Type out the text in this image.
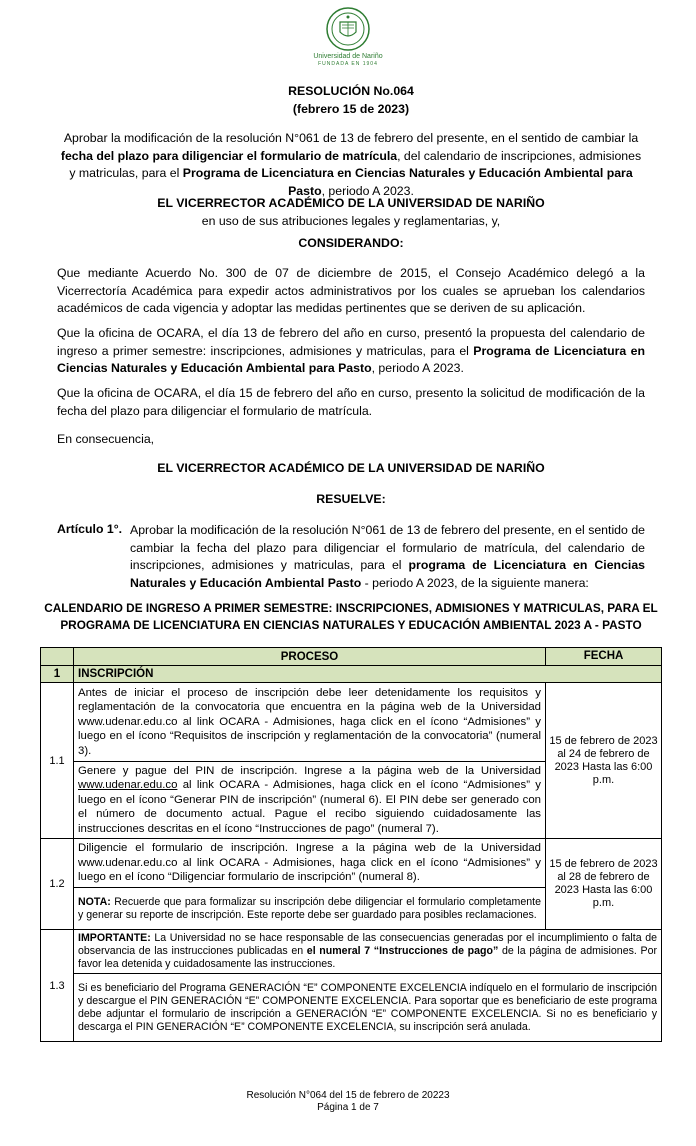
Universidad de Nariño
FUNDADA EN 1904
RESOLUCIÓN No.064
(febrero 15 de 2023)
Aprobar la modificación de la resolución N°061 de 13 de febrero del presente, en el sentido de cambiar la fecha del plazo para diligenciar el formulario de matrícula, del calendario de inscripciones, admisiones y matriculas, para el Programa de Licenciatura en Ciencias Naturales y Educación Ambiental para Pasto, periodo A 2023.
EL VICERRECTOR ACADÉMICO DE LA UNIVERSIDAD DE NARIÑO
en uso de sus atribuciones legales y reglamentarias, y,
CONSIDERANDO:
Que mediante Acuerdo No. 300 de 07 de diciembre de 2015, el Consejo Académico delegó a la Vicerrectoría Académica para expedir actos administrativos por los cuales se aprueban los calendarios académicos de cada vigencia y adoptar las medidas pertinentes que se deriven de su aplicación.
Que la oficina de OCARA, el día 13 de febrero del año en curso, presentó la propuesta del calendario de ingreso a primer semestre: inscripciones, admisiones y matriculas, para el Programa de Licenciatura en Ciencias Naturales y Educación Ambiental para Pasto, periodo A 2023.
Que la oficina de OCARA, el día 15 de febrero del año en curso, presento la solicitud de modificación de la fecha del plazo para diligenciar el formulario de matrícula.
En consecuencia,
EL VICERRECTOR ACADÉMICO DE LA UNIVERSIDAD DE NARIÑO
RESUELVE:
Artículo 1°. Aprobar la modificación de la resolución N°061 de 13 de febrero del presente, en el sentido de cambiar la fecha del plazo para diligenciar el formulario de matrícula, del calendario de inscripciones, admisiones y matriculas, para el programa de Licenciatura en Ciencias Naturales y Educación Ambiental Pasto - periodo A 2023, de la siguiente manera:
CALENDARIO DE INGRESO A PRIMER SEMESTRE: INSCRIPCIONES, ADMISIONES Y MATRICULAS, PARA EL
PROGRAMA DE LICENCIATURA EN CIENCIAS NATURALES Y EDUCACIÓN AMBIENTAL 2023 A - PASTO
	PROCESO	FECHA
1	INSCRIPCIÓN	
1.1	Antes de iniciar el proceso de inscripción debe leer detenidamente los requisitos y reglamentación de la convocatoria que encuentra en la página web de la Universidad www.udenar.edu.co al link OCARA - Admisiones, haga click en el ícono “Admisiones” y luego en el ícono “Requisitos de inscripción y reglamentación de la convocatoria” (numeral 3).	15 de febrero de 2023 al 24 de febrero de 2023 Hasta las 6:00 p.m.
	Genere y pague del PIN de inscripción. Ingrese a la página web de la Universidad www.udenar.edu.co al link OCARA - Admisiones, haga click en el ícono “Admisiones” y luego en el ícono “Generar PIN de inscripción” (numeral 6). El PIN debe ser generado con el número de documento actual. Pague el recibo siguiendo cuidadosamente las instrucciones descritas en el ícono “Instrucciones de pago” (numeral 7).	
1.2	Diligencie el formulario de inscripción. Ingrese a la página web de la Universidad www.udenar.edu.co al link OCARA - Admisiones, haga click en el ícono “Admisiones” y luego en el ícono “Diligenciar formulario de inscripción” (numeral 8).	15 de febrero de 2023 al 28 de febrero de 2023 Hasta las 6:00 p.m.
	NOTA: Recuerde que para formalizar su inscripción debe diligenciar el formulario completamente y generar su reporte de inscripción. Este reporte debe ser guardado para posibles reclamaciones.	
1.3	IMPORTANTE: La Universidad no se hace responsable de las consecuencias generadas por el incumplimiento o falta de observancia de las instrucciones publicadas en el numeral 7 “Instrucciones de pago” de la página de admisiones. Por favor lea detenida y cuidadosamente las instrucciones.	
	Si es beneficiario del Programa GENERACIÓN “E” COMPONENTE EXCELENCIA indíquelo en el formulario de inscripción y descargue el PIN GENERACIÓN “E” COMPONENTE EXCELENCIA. Para soportar que es beneficiario de este programa debe adjuntar el formulario de inscripción a GENERACIÓN “E” COMPONENTE EXCELENCIA. Si no es beneficiario y descarga el PIN GENERACIÓN “E” COMPONENTE EXCELENCIA, su inscripción será anulada.	
Resolución N°064 del 15 de febrero de 20223
Página 1 de 7
